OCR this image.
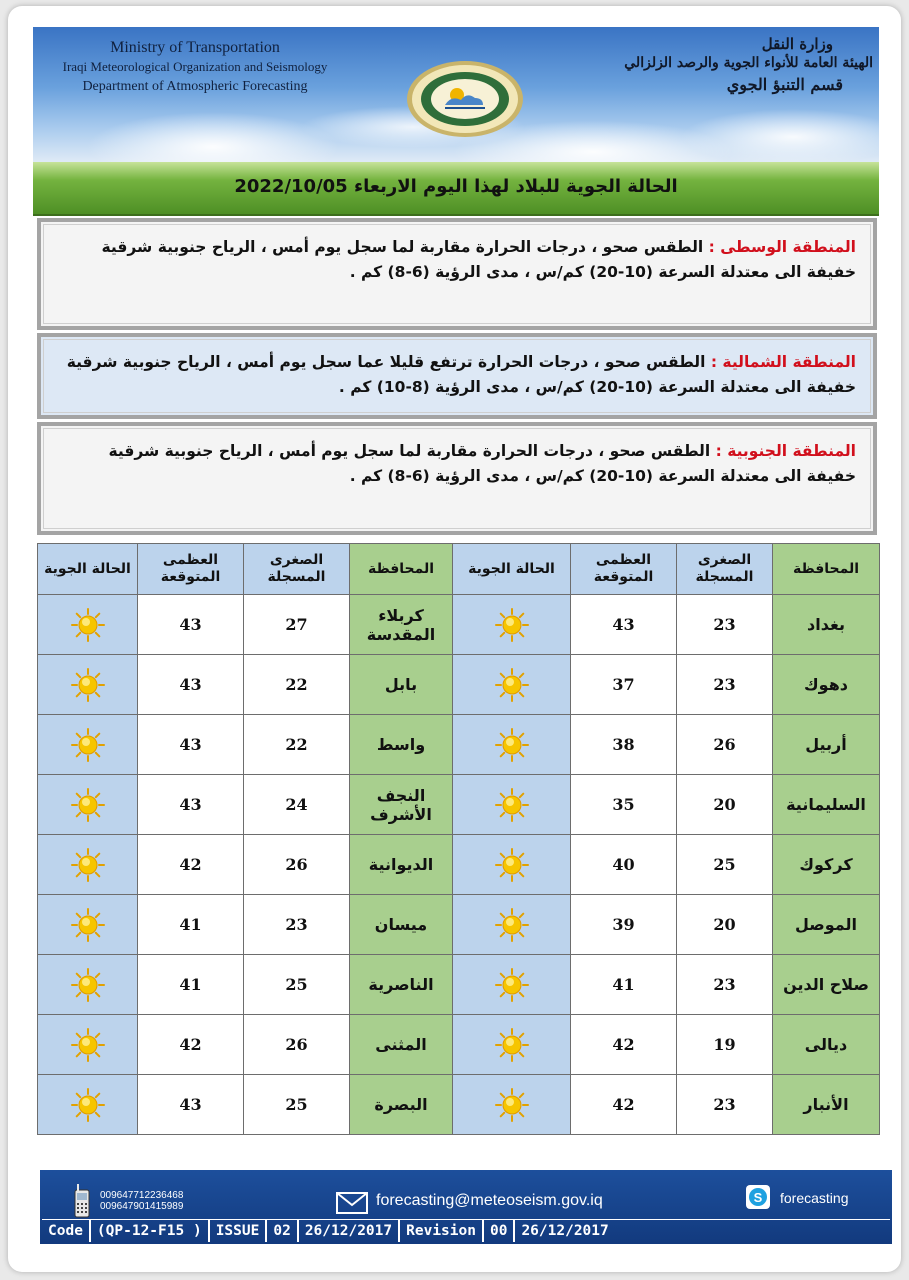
Ministry of Transportation
Iraqi Meteorological Organization and Seismology
Department of Atmospheric Forecasting
وزارة النقل
الهيئة العامة للأنواء الجوية والرصد الزلزالي
قسم التنبؤ الجوي
الحالة الجوية للبلاد لهذا اليوم الاربعاء 2022/10/05
المنطقة الوسطى : الطقس صحو ، درجات الحرارة مقاربة لما سجل يوم أمس ، الرياح جنوبية شرقية خفيفة الى معتدلة السرعة (10-20) كم/س ، مدى الرؤية (6-8) كم .
المنطقة الشمالية : الطقس صحو ، درجات الحرارة ترتفع قليلا عما سجل يوم أمس ، الرياح جنوبية شرقية خفيفة الى معتدلة السرعة (10-20) كم/س ، مدى الرؤية (8-10) كم .
المنطقة الجنوبية : الطقس صحو ، درجات الحرارة مقاربة لما سجل يوم أمس ، الرياح جنوبية شرقية خفيفة الى معتدلة السرعة (10-20) كم/س ، مدى الرؤية (6-8) كم .
المحافظة	الصغرى المسجلة	العظمى المتوقعة	الحالة الجوية	المحافظة	الصغرى المسجلة	العظمى المتوقعة	الحالة الجوية
بغداد	23	43		كربلاء المقدسة	27	43	
دهوك	23	37		بابل	22	43	
أربيل	26	38		واسط	22	43	
السليمانية	20	35		النجف الأشرف	24	43	
كركوك	25	40		الديوانية	26	42	
الموصل	20	39		ميسان	23	41	
صلاح الدين	23	41		الناصرية	25	41	
ديالى	19	42		المثنى	26	42	
الأنبار	23	42		البصرة	25	43	
009647712236468
009647901415989	forecasting@meteoseism.gov.iq	S forecasting
Code (QP-12-F15 ) ISSUE 02 26/12/2017 Revision 00 26/12/2017
